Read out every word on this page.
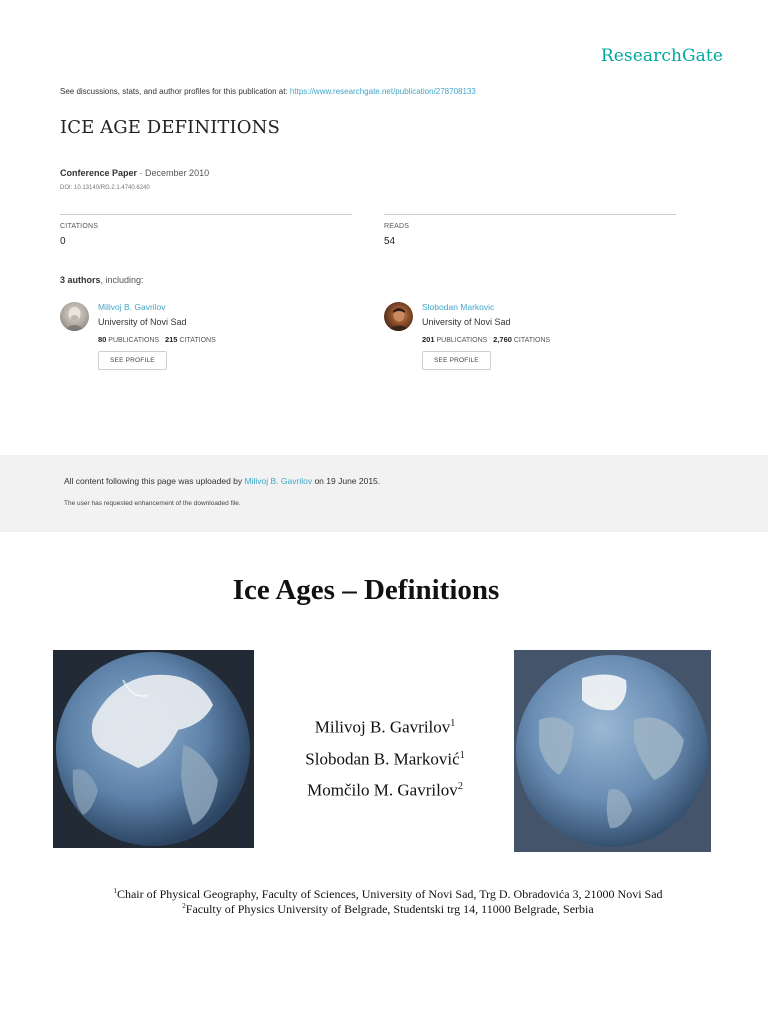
ResearchGate
See discussions, stats, and author profiles for this publication at: https://www.researchgate.net/publication/278708133
ICE AGE DEFINITIONS
Conference Paper · December 2010
DOI: 10.13140/RG.2.1.4740.6240
CITATIONS
0
READS
54
3 authors, including:
Milivoj B. Gavrilov
University of Novi Sad
80 PUBLICATIONS 215 CITATIONS
SEE PROFILE
Slobodan Markovic
University of Novi Sad
201 PUBLICATIONS 2,760 CITATIONS
SEE PROFILE
All content following this page was uploaded by Milivoj B. Gavrilov on 19 June 2015.
The user has requested enhancement of the downloaded file.
Ice Ages – Definitions
Milivoj B. Gavrilov$^1$
Slobodan B. Marković$^1$
Momčilo M. Gavrilov$^2$
$^1$Chair of Physical Geography, Faculty of Sciences, University of Novi Sad, Trg D. Obradovića 3, 21000 Novi Sad
$^2$Faculty of Physics University of Belgrade, Studentski trg 14, 11000 Belgrade, Serbia
